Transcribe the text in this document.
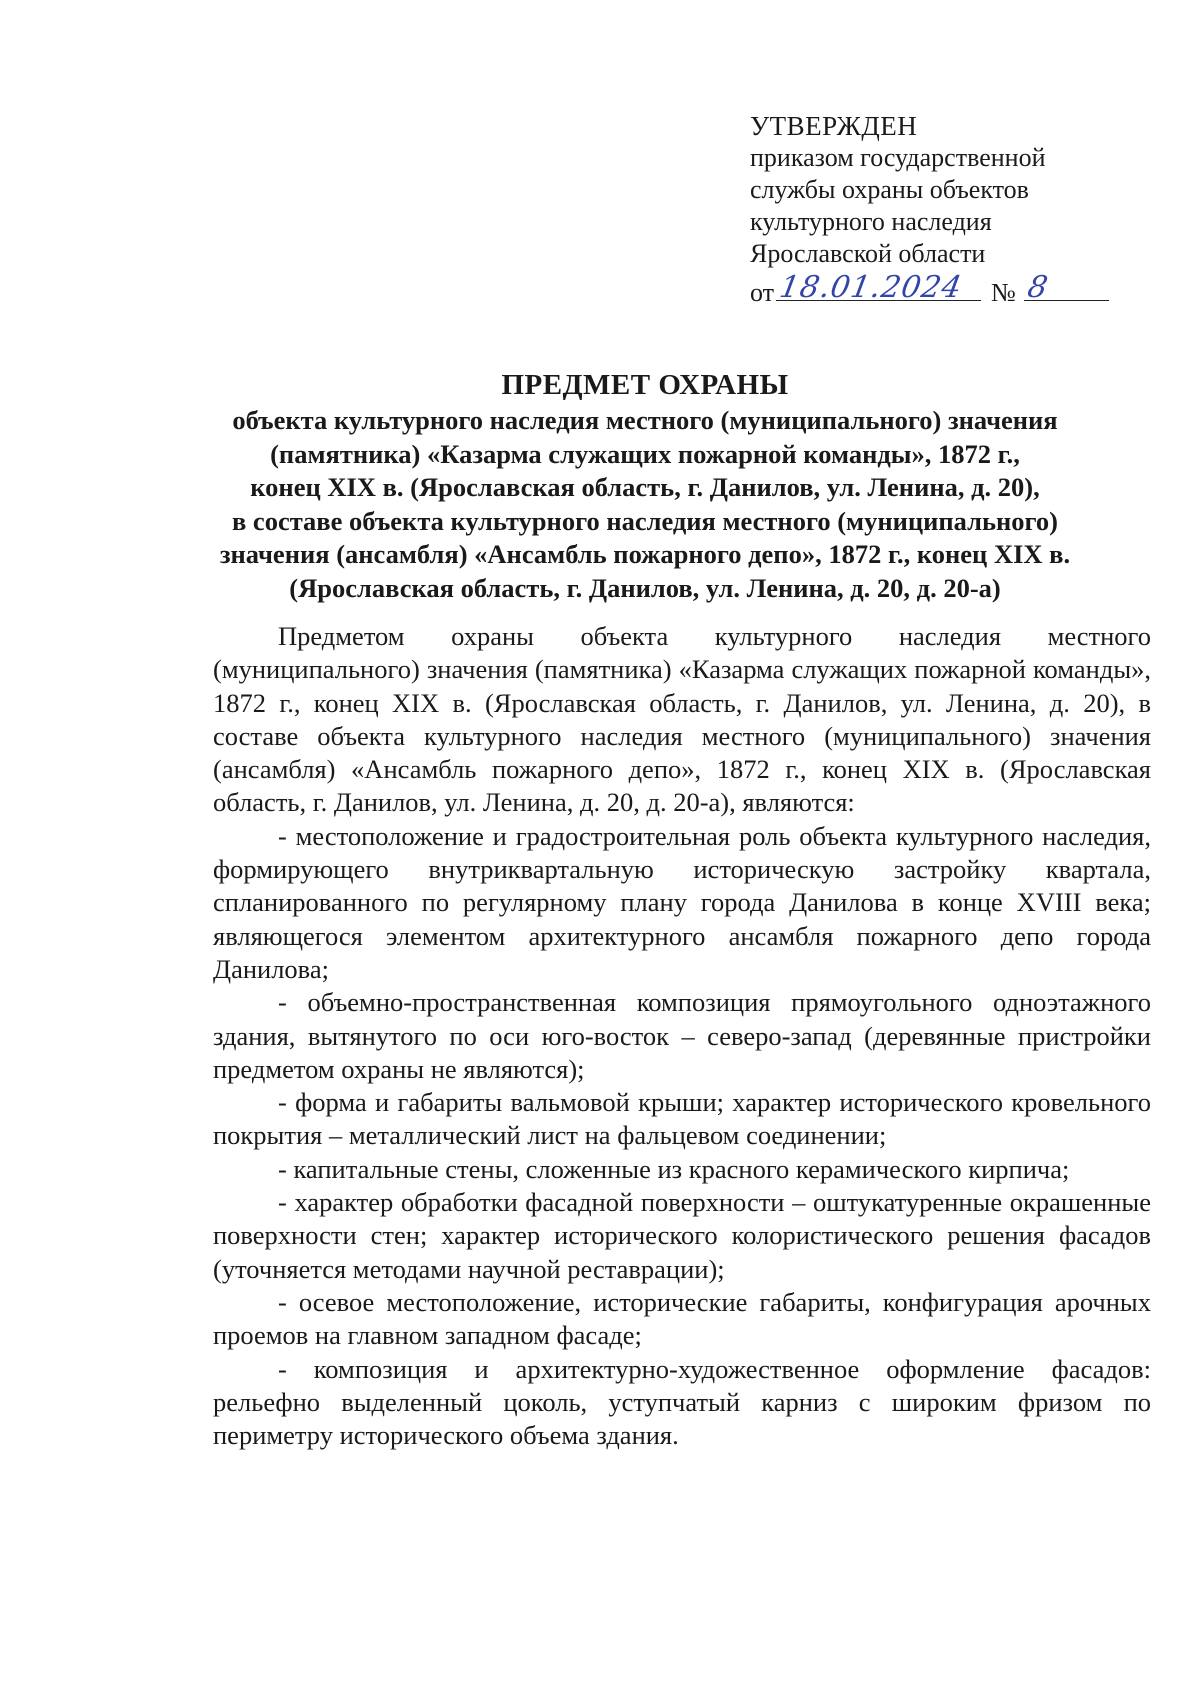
УТВЕРЖДЕН
приказом государственной
службы охраны объектов
культурного наследия
Ярославской области
от 18.01.2024 № 8
ПРЕДМЕТ ОХРАНЫ
объекта культурного наследия местного (муниципального) значения
(памятника) «Казарма служащих пожарной команды», 1872 г.,
конец XIX в. (Ярославская область, г. Данилов, ул. Ленина, д. 20),
в составе объекта культурного наследия местного (муниципального)
значения (ансамбля) «Ансамбль пожарного депо», 1872 г., конец XIX в.
(Ярославская область, г. Данилов, ул. Ленина, д. 20, д. 20-а)

Предметом охраны объекта культурного наследия местного (муниципального) значения (памятника) «Казарма служащих пожарной команды», 1872 г., конец XIX в. (Ярославская область, г. Данилов, ул. Ленина, д. 20), в составе объекта культурного наследия местного (муниципального) значения (ансамбля) «Ансамбль пожарного депо», 1872 г., конец XIX в. (Ярославская область, г. Данилов, ул. Ленина, д. 20, д. 20-а), являются:

- местоположение и градостроительная роль объекта культурного наследия, формирующего внутриквартальную историческую застройку квартала, спланированного по регулярному плану города Данилова в конце XVIII века; являющегося элементом архитектурного ансамбля пожарного депо города Данилова;

- объемно-пространственная композиция прямоугольного одноэтажного здания, вытянутого по оси юго-восток – северо-запад (деревянные пристройки предметом охраны не являются);

- форма и габариты вальмовой крыши; характер исторического кровельного покрытия – металлический лист на фальцевом соединении;

- капитальные стены, сложенные из красного керамического кирпича;

- характер обработки фасадной поверхности – оштукатуренные окрашенные поверхности стен; характер исторического колористического решения фасадов (уточняется методами научной реставрации);

- осевое местоположение, исторические габариты, конфигурация арочных проемов на главном западном фасаде;

- композиция и архитектурно-художественное оформление фасадов: рельефно выделенный цоколь, уступчатый карниз с широким фризом по периметру исторического объема здания.
